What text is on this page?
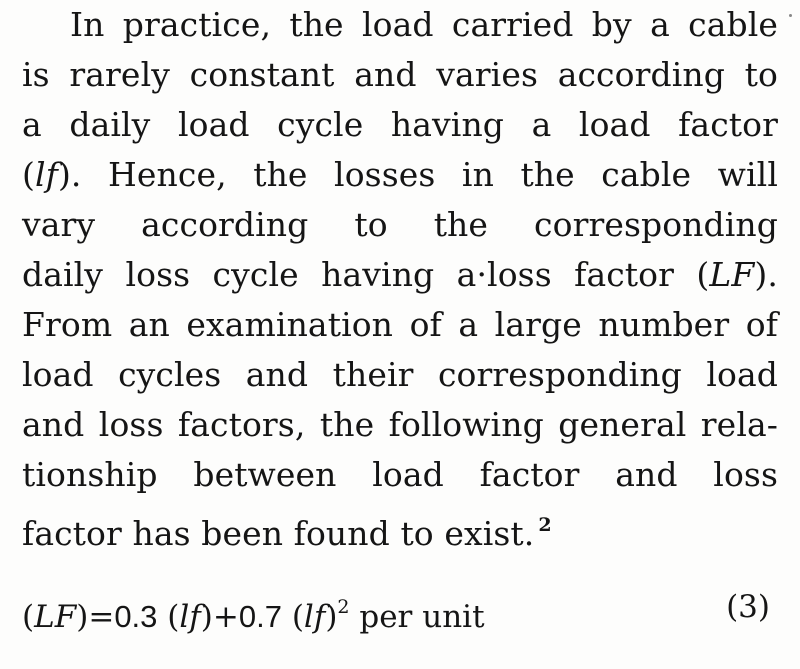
In practice, the load carried by a cable
is rarely constant and varies according to
a daily load cycle having a load factor
(lf). Hence, the losses in the cable will
vary according to the corresponding
daily loss cycle having a·loss factor (LF).
From an examination of a large number of
load cycles and their corresponding load
and loss factors, the following general rela-
tionship between load factor and loss
factor has been found to exist. $^2$
(LF)=0.3 (lf)+0.7 (lf)$^2$ per unit	(3)
